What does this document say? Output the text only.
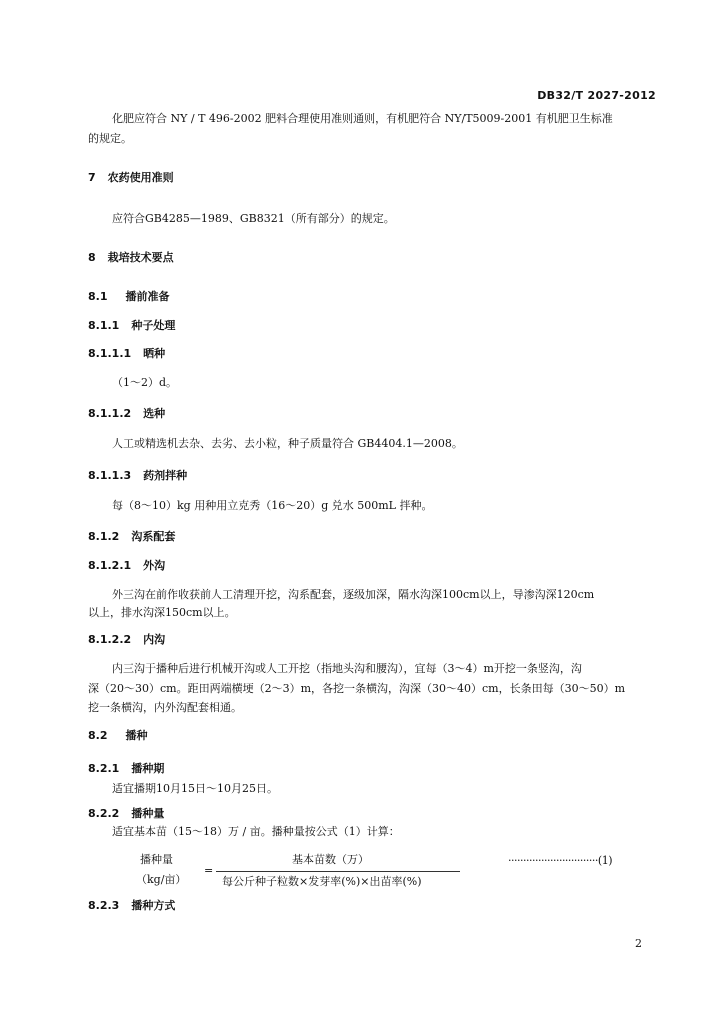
DB32/T 2027-2012
化肥应符合 NY / T 496-2002 肥料合理使用准则通则，有机肥符合 NY/T5009-2001 有机肥卫生标准
的规定。
7 农药使用准则
应符合GB4285—1989、GB8321（所有部分）的规定。
8 栽培技术要点
8.1 播前准备
8.1.1 种子处理
8.1.1.1 晒种
（1～2）d。
8.1.1.2 选种
人工或精选机去杂、去劣、去小粒，种子质量符合 GB4404.1—2008。
8.1.1.3 药剂拌种
每（8～10）kg 用种用立克秀（16～20）g 兑水 500mL 拌种。
8.1.2 沟系配套
8.1.2.1 外沟
外三沟在前作收获前人工清理开挖，沟系配套，逐级加深，隔水沟深100cm以上，导渗沟深120cm
以上，排水沟深150cm以上。
8.1.2.2 内沟
内三沟于播种后进行机械开沟或人工开挖（指地头沟和腰沟），宜每（3～4）m开挖一条竖沟，沟
深（20～30）cm。距田两端横埂（2～3）m，各挖一条横沟，沟深（30～40）cm，长条田每（30～50）m
挖一条横沟，内外沟配套相通。
8.2 播种
8.2.1 播种期
适宜播期10月15日～10月25日。
8.2.2 播种量
适宜基本苗（15～18）万 / 亩。播种量按公式（1）计算：
播种量
（kg/亩）
=
基本苗数（万）
每公斤种子粒数×发芽率(%)×出苗率(%)
······························(1)
8.2.3 播种方式
2
